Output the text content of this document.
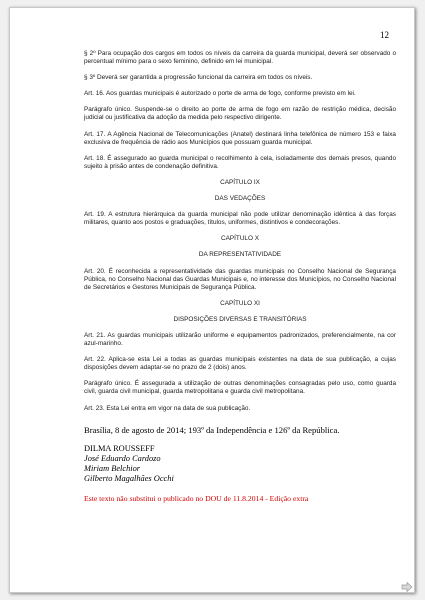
12

§ 2º Para ocupação dos cargos em todos os níveis da carreira da guarda municipal, deverá ser observado o percentual mínimo para o sexo feminino, definido em lei municipal.

§ 3º Deverá ser garantida a progressão funcional da carreira em todos os níveis.

Art. 16. Aos guardas municipais é autorizado o porte de arma de fogo, conforme previsto em lei.

Parágrafo único. Suspende-se o direito ao porte de arma de fogo em razão de restrição médica, decisão judicial ou justificativa da adoção da medida pelo respectivo dirigente.

Art. 17. A Agência Nacional de Telecomunicações (Anatel) destinará linha telefônica de número 153 e faixa exclusiva de frequência de rádio aos Municípios que possuam guarda municipal.

Art. 18. É assegurado ao guarda municipal o recolhimento à cela, isoladamente dos demais presos, quando sujeito à prisão antes de condenação definitiva.

CAPÍTULO IX

DAS VEDAÇÕES

Art. 19. A estrutura hierárquica da guarda municipal não pode utilizar denominação idêntica à das forças militares, quanto aos postos e graduações, títulos, uniformes, distintivos e condecorações.

CAPÍTULO X

DA REPRESENTATIVIDADE

Art. 20. É reconhecida a representatividade das guardas municipais no Conselho Nacional de Segurança Pública, no Conselho Nacional das Guardas Municipais e, no interesse dos Municípios, no Conselho Nacional de Secretários e Gestores Municipais de Segurança Pública.

CAPÍTULO XI

DISPOSIÇÕES DIVERSAS E TRANSITÓRIAS

Art. 21. As guardas municipais utilizarão uniforme e equipamentos padronizados, preferencialmente, na cor azul-marinho.

Art. 22. Aplica-se esta Lei a todas as guardas municipais existentes na data de sua publicação, a cujas disposições devem adaptar-se no prazo de 2 (dois) anos.

Parágrafo único. É assegurada a utilização de outras denominações consagradas pelo uso, como guarda civil, guarda civil municipal, guarda metropolitana e guarda civil metropolitana.

Art. 23. Esta Lei entra em vigor na data de sua publicação.

Brasília, 8 de agosto de 2014; 193º da Independência e 126º da República.

DILMA ROUSSEFF

José Eduardo Cardozo

Miriam Belchior

Gilberto Magalhães Occhi

Este texto não substitui o publicado no DOU de 11.8.2014 - Edição extra
